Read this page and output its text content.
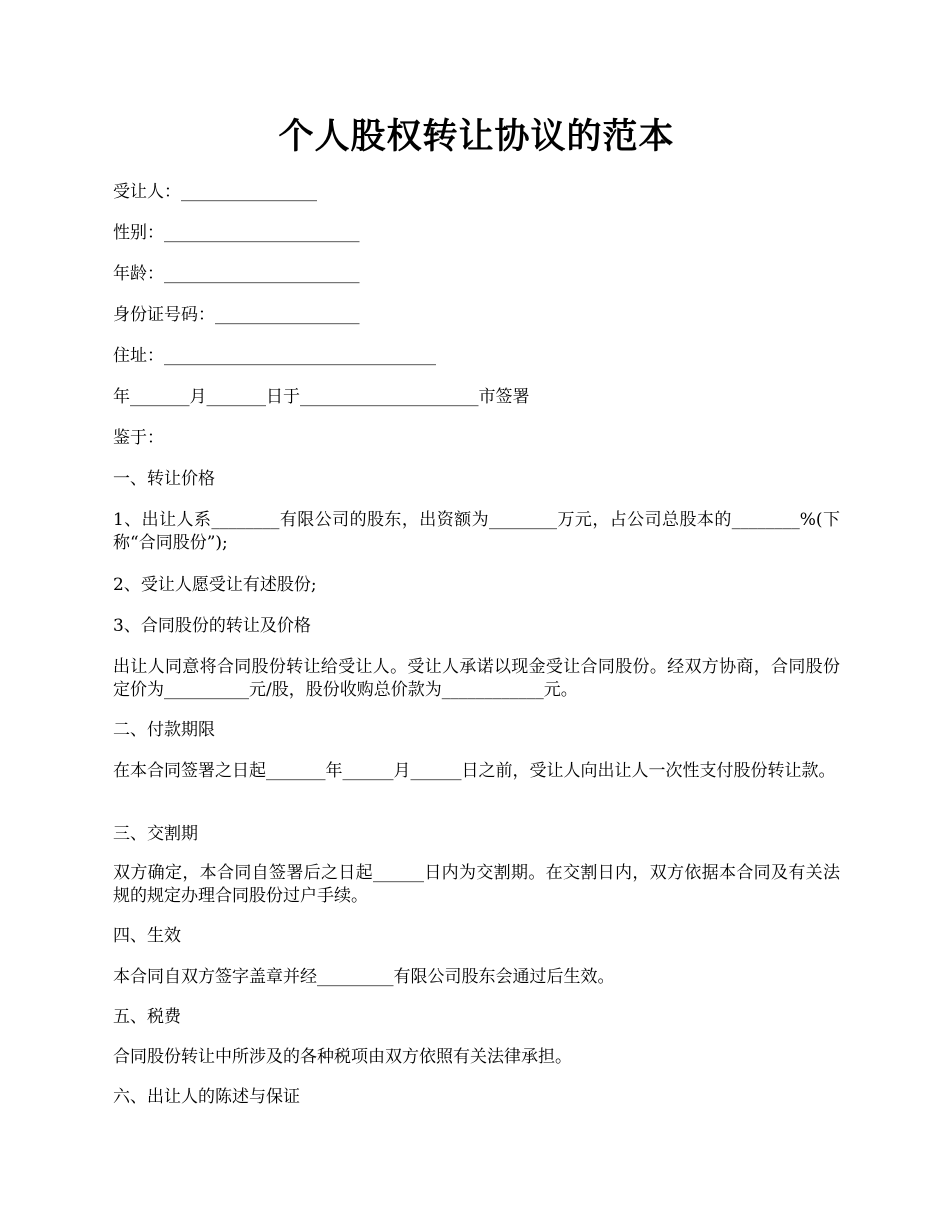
个人股权转让协议的范本
受让人：________________
性别：_______________________
年龄：_______________________
身份证号码：_________________
住址：________________________________
年_______月_______日于_____________________市签署
鉴于：
一、转让价格
1、出让人系________有限公司的股东，出资额为________万元，占公司总股本的________%(下称“合同股份”);
2、受让人愿受让有述股份;
3、合同股份的转让及价格
出让人同意将合同股份转让给受让人。受让人承诺以现金受让合同股份。经双方协商，合同股份定价为__________元/股，股份收购总价款为____________元。
二、付款期限
在本合同签署之日起_______年______月______日之前，受让人向出让人一次性支付股份转让款。
三、交割期
双方确定，本合同自签署后之日起______日内为交割期。在交割日内，双方依据本合同及有关法规的规定办理合同股份过户手续。
四、生效
本合同自双方签字盖章并经_________有限公司股东会通过后生效。
五、税费
合同股份转让中所涉及的各种税项由双方依照有关法律承担。
六、出让人的陈述与保证
